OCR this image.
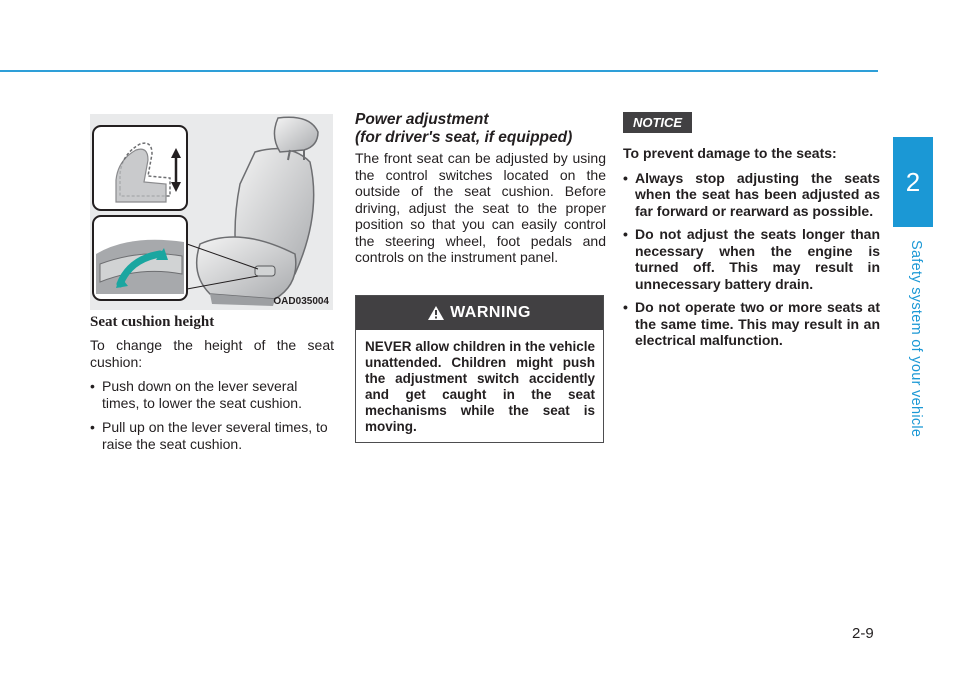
2
Safety system of your vehicle
OAD035004
Seat cushion height
To change the height of the seat cushion:
• Push down on the lever several times, to lower the seat cushion.
• Pull up on the lever several times, to raise the seat cushion.
Power adjustment
(for driver's seat, if equipped)
The front seat can be adjusted by using the control switches located on the outside of the seat cushion. Before driving, adjust the seat to the proper position so that you can easily control the steering wheel, foot pedals and controls on the instrument panel.
WARNING
NEVER allow children in the vehicle unattended. Children might push the adjustment switch accidently and get caught in the seat mechanisms while the seat is moving.
NOTICE

To prevent damage to the seats:

• Always stop adjusting the seats when the seat has been adjusted as far forward or rearward as possible.
• Do not adjust the seats longer than necessary when the engine is turned off. This may result in unnecessary battery drain.
• Do not operate two or more seats at the same time. This may result in an electrical malfunction.
2-9
